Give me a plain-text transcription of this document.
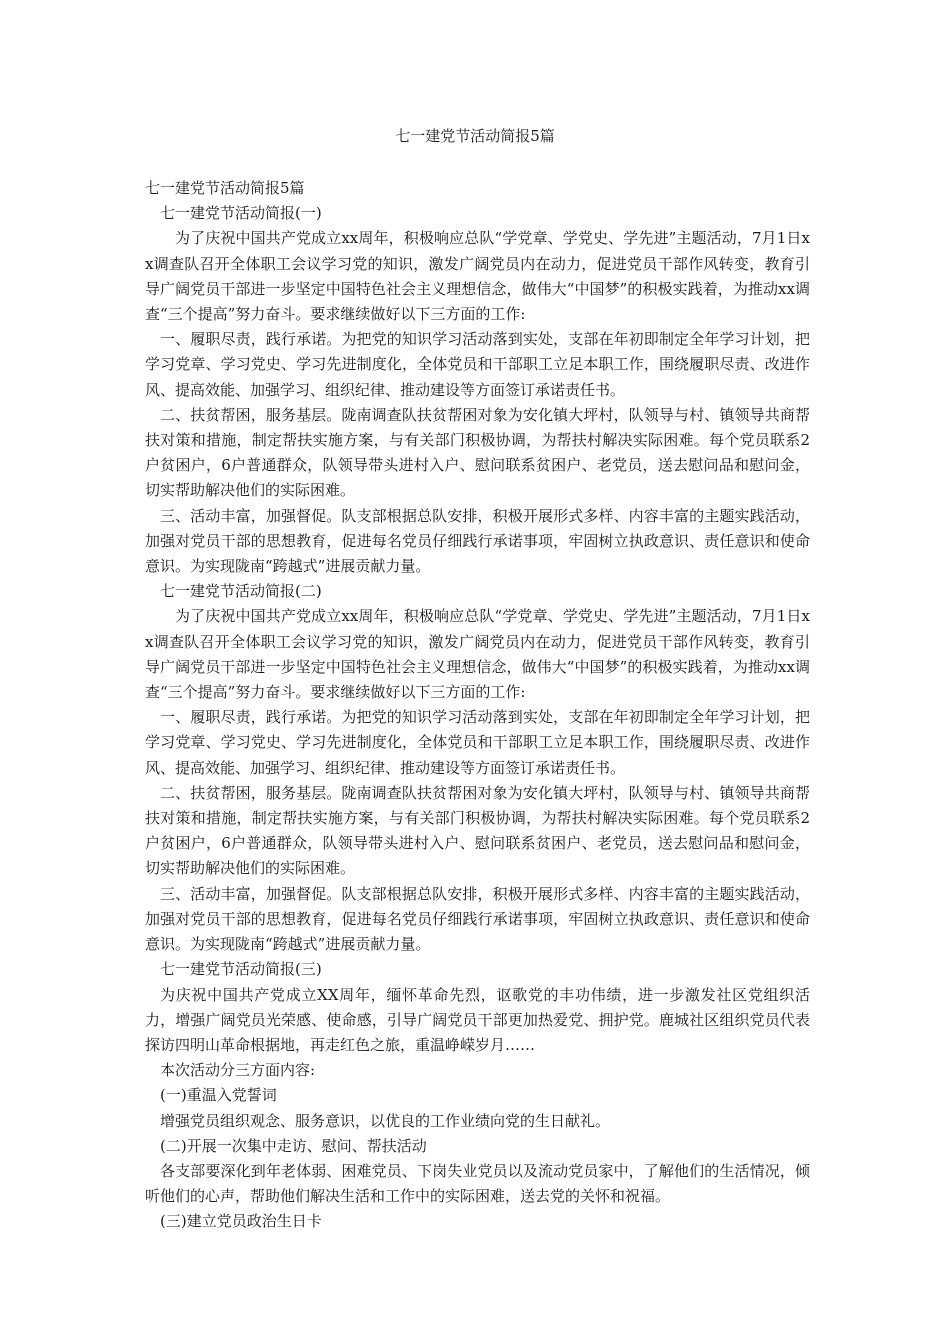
七一建党节活动简报5篇

七一建党节活动简报5篇

七一建党节活动简报(一)

为了庆祝中国共产党成立xx周年，积极响应总队“学党章、学党史、学先进”主题活动，7月1日xx调查队召开全体职工会议学习党的知识，激发广阔党员内在动力，促进党员干部作风转变，教育引导广阔党员干部进一步坚定中国特色社会主义理想信念，做伟大“中国梦”的积极实践着，为推动xx调查“三个提高”努力奋斗。要求继续做好以下三方面的工作:

一、履职尽责，践行承诺。为把党的知识学习活动落到实处，支部在年初即制定全年学习计划，把学习党章、学习党史、学习先进制度化，全体党员和干部职工立足本职工作，围绕履职尽责、改进作风、提高效能、加强学习、组织纪律、推动建设等方面签订承诺责任书。

二、扶贫帮困，服务基层。陇南调查队扶贫帮困对象为安化镇大坪村，队领导与村、镇领导共商帮扶对策和措施，制定帮扶实施方案，与有关部门积极协调，为帮扶村解决实际困难。每个党员联系2户贫困户，6户普通群众，队领导带头进村入户、慰问联系贫困户、老党员，送去慰问品和慰问金，切实帮助解决他们的实际困难。

三、活动丰富，加强督促。队支部根据总队安排，积极开展形式多样、内容丰富的主题实践活动，加强对党员干部的思想教育，促进每名党员仔细践行承诺事项，牢固树立执政意识、责任意识和使命意识。为实现陇南“跨越式”进展贡献力量。

七一建党节活动简报(二)

为了庆祝中国共产党成立xx周年，积极响应总队“学党章、学党史、学先进”主题活动，7月1日xx调查队召开全体职工会议学习党的知识，激发广阔党员内在动力，促进党员干部作风转变，教育引导广阔党员干部进一步坚定中国特色社会主义理想信念，做伟大“中国梦”的积极实践着，为推动xx调查“三个提高”努力奋斗。要求继续做好以下三方面的工作:

一、履职尽责，践行承诺。为把党的知识学习活动落到实处，支部在年初即制定全年学习计划，把学习党章、学习党史、学习先进制度化，全体党员和干部职工立足本职工作，围绕履职尽责、改进作风、提高效能、加强学习、组织纪律、推动建设等方面签订承诺责任书。

二、扶贫帮困，服务基层。陇南调查队扶贫帮困对象为安化镇大坪村，队领导与村、镇领导共商帮扶对策和措施，制定帮扶实施方案，与有关部门积极协调，为帮扶村解决实际困难。每个党员联系2户贫困户，6户普通群众，队领导带头进村入户、慰问联系贫困户、老党员，送去慰问品和慰问金，切实帮助解决他们的实际困难。

三、活动丰富，加强督促。队支部根据总队安排，积极开展形式多样、内容丰富的主题实践活动，加强对党员干部的思想教育，促进每名党员仔细践行承诺事项，牢固树立执政意识、责任意识和使命意识。为实现陇南“跨越式”进展贡献力量。

七一建党节活动简报(三)

为庆祝中国共产党成立XX周年，缅怀革命先烈，讴歌党的丰功伟绩，进一步激发社区党组织活力，增强广阔党员光荣感、使命感，引导广阔党员干部更加热爱党、拥护党。鹿城社区组织党员代表探访四明山革命根据地，再走红色之旅，重温峥嵘岁月……

本次活动分三方面内容:

(一)重温入党誓词

增强党员组织观念、服务意识，以优良的工作业绩向党的生日献礼。

(二)开展一次集中走访、慰问、帮扶活动

各支部要深化到年老体弱、困难党员、下岗失业党员以及流动党员家中，了解他们的生活情况，倾听他们的心声，帮助他们解决生活和工作中的实际困难，送去党的关怀和祝福。

(三)建立党员政治生日卡
